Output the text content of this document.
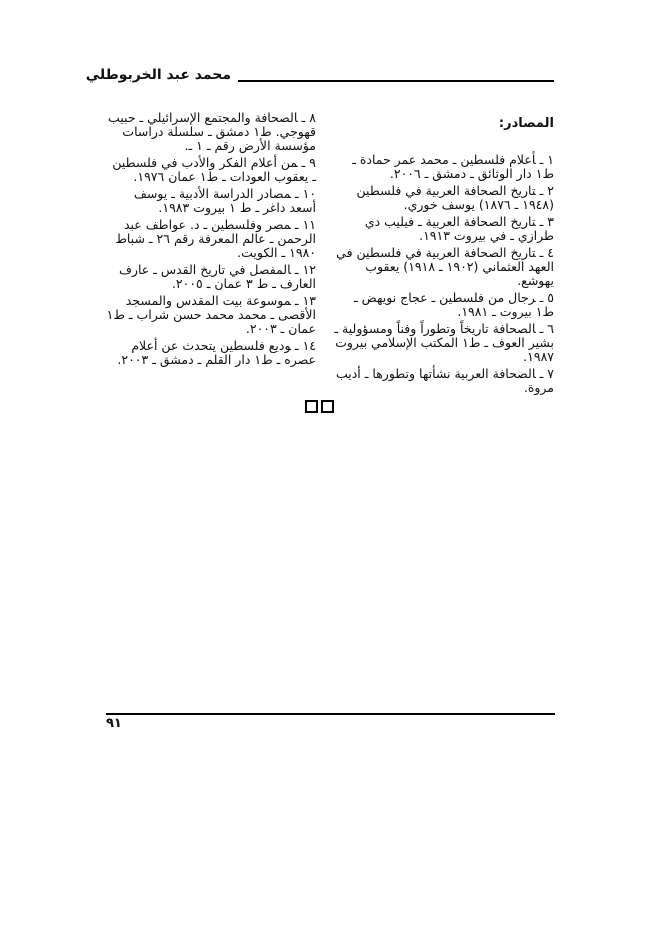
محمد عبد الخربوطلي
المصادر:
١ ـأعلام فلسطين ـ محمد عمر حمادة ـ ط١ دار الوثائق ـ دمشق ـ ٢٠٠٦.
٢ ـتاريخ الصحافة العربية في فلسطين (١٩٤٨ ـ ١٨٧٦) يوسف خوري.
٣ ـتاريخ الصحافة العربية ـ فيليب دي طرازي ـ في بيروت ١٩١٣.
٤ ـتاريخ الصحافة العربية في فلسطين في العهد العثماني (١٩٠٢ ـ ١٩١٨) يعقوب يهوشع.
٥ ـرجال من فلسطين ـ عجاج نويهض ـ ط١ بيروت ـ ١٩٨١.
٦ ـالصحافة تاريخاً وتطوراً وفناً ومسؤولية ـ بشير العوف ـ ط١ المكتب الإسلامي بيروت ١٩٨٧.
٧ ـالصحافة العربية نشأتها وتطورها ـ أديب مروة.
٨ ـالصحافة والمجتمع الإسرائيلي ـ حبيب قهوجي. ط١ دمشق ـ سلسلة دراسات مؤسسة الأرض رقم ـ ١ ـ.
٩ ـمن أعلام الفكر والأدب في فلسطين ـ يعقوب العودات ـ ط١ عمان ١٩٧٦.
١٠ ـمصادر الدراسة الأدبية ـ يوسف أسعد داغر ـ ط ١ بيروت ١٩٨٣.
١١ ـمصر وفلسطين ـ د. عواطف عبد الرحمن ـ عالم المعرفة رقم ٢٦ ـ شباط ١٩٨٠ ـ الكويت.
١٢ ـالمفصل في تاريخ القدس ـ عارف العارف ـ ط ٣ عمان ـ ٢٠٠٥.
١٣ ـموسوعة بيت المقدس والمسجد الأقصى ـ محمد محمد حسن شراب ـ ط١ عمان ـ ٢٠٠٣.
١٤ ـوديع فلسطين يتحدث عن أعلام عصره ـ ط١ دار القلم ـ دمشق ـ ٢٠٠٣.
٩١
